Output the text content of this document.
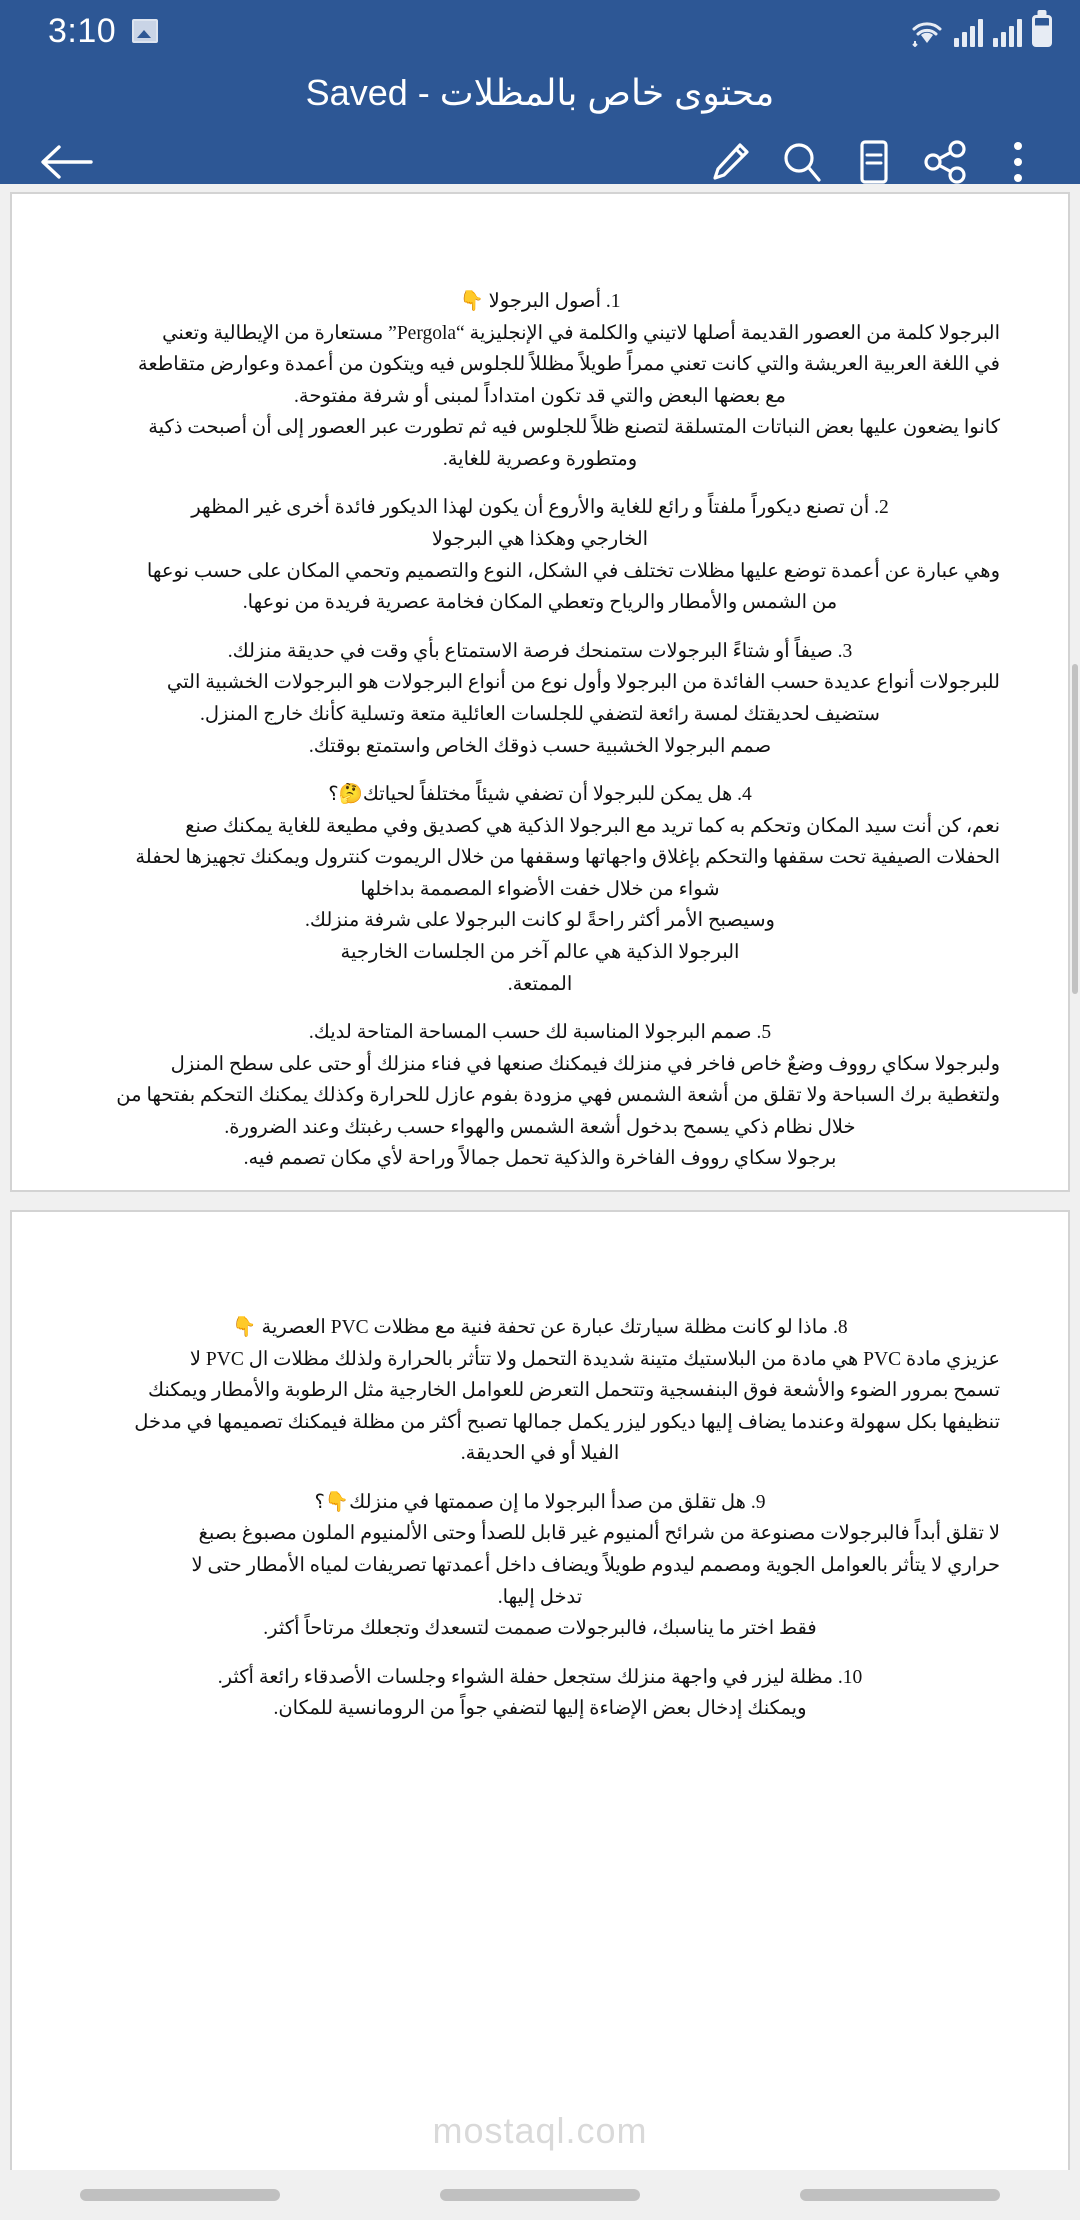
3:10
محتوى خاص بالمظلات - Saved

1. أصول البرجولا 👇

البرجولا كلمة من العصور القديمة أصلها لاتيني والكلمة في الإنجليزية “Pergola” مستعارة من الإيطالية وتعني

في اللغة العربية العريشة والتي كانت تعني ممراً طويلاً مظللاً للجلوس فيه ويتكون من أعمدة وعوارض متقاطعة

مع بعضها البعض والتي قد تكون امتداداً لمبنى أو شرفة مفتوحة.

كانوا يضعون عليها بعض النباتات المتسلقة لتصنع ظلاً للجلوس فيه ثم تطورت عبر العصور إلى أن أصبحت ذكية

ومتطورة وعصرية للغاية.

2. أن تصنع ديكوراً ملفتاً و رائع للغاية والأروع أن يكون لهذا الديكور فائدة أخرى غير المظهر

الخارجي وهكذا هي البرجولا

وهي عبارة عن أعمدة توضع عليها مظلات تختلف في الشكل، النوع والتصميم وتحمي المكان على حسب نوعها

من الشمس والأمطار والرياح وتعطي المكان فخامة عصرية فريدة من نوعها.

3. صيفاً أو شتاءً البرجولات ستمنحك فرصة الاستمتاع بأي وقت في حديقة منزلك.

للبرجولات أنواع عديدة حسب الفائدة من البرجولا وأول نوع من أنواع البرجولات هو البرجولات الخشبية التي

ستضيف لحديقتك لمسة رائعة لتضفي للجلسات العائلية متعة وتسلية كأنك خارج المنزل.

صمم البرجولا الخشبية حسب ذوقك الخاص واستمتع بوقتك.

4. هل يمكن للبرجولا أن تضفي شيئاً مختلفاً لحياتك🤔؟

نعم، كن أنت سيد المكان وتحكم به كما تريد مع البرجولا الذكية هي كصديق وفي مطيعة للغاية يمكنك صنع

الحفلات الصيفية تحت سقفها والتحكم بإغلاق واجهاتها وسقفها من خلال الريموت كنترول ويمكنك تجهيزها لحفلة

شواء من خلال خفت الأضواء المصممة بداخلها

وسيصبح الأمر أكثر راحةً لو كانت البرجولا على شرفة منزلك.

البرجولا الذكية هي عالم آخر من الجلسات الخارجية

الممتعة.

5. صمم البرجولا المناسبة لك حسب المساحة المتاحة لديك.

ولبرجولا سكاي رووف وضعٌ خاص فاخر في منزلك فيمكنك صنعها في فناء منزلك أو حتى على سطح المنزل

ولتغطية برك السباحة ولا تقلق من أشعة الشمس فهي مزودة بفوم عازل للحرارة وكذلك يمكنك التحكم بفتحها من

خلال نظام ذكي يسمح بدخول أشعة الشمس والهواء حسب رغبتك وعند الضرورة.

برجولا سكاي رووف الفاخرة والذكية تحمل جمالاً وراحة لأي مكان تصمم فيه.

8. ماذا لو كانت مظلة سيارتك عبارة عن تحفة فنية مع مظلات PVC العصرية 👇

عزيزي مادة PVC هي مادة من البلاستيك متينة شديدة التحمل ولا تتأثر بالحرارة ولذلك مظلات ال PVC لا

تسمح بمرور الضوء والأشعة فوق البنفسجية وتتحمل التعرض للعوامل الخارجية مثل الرطوبة والأمطار ويمكنك

تنظيفها بكل سهولة وعندما يضاف إليها ديكور ليزر يكمل جمالها تصبح أكثر من مظلة فيمكنك تصميمها في مدخل

الفيلا أو في الحديقة.

9. هل تقلق من صدأ البرجولا ما إن صممتها في منزلك👇؟

لا تقلق أبداً فالبرجولات مصنوعة من شرائح ألمنيوم غير قابل للصدأ وحتى الألمنيوم الملون مصبوغ بصبغ

حراري لا يتأثر بالعوامل الجوية ومصمم ليدوم طويلاً ويضاف داخل أعمدتها تصريفات لمياه الأمطار حتى لا

تدخل إليها.

فقط اختر ما يناسبك، فالبرجولات صممت لتسعدك وتجعلك مرتاحاً أكثر.

10. مظلة ليزر في واجهة منزلك ستجعل حفلة الشواء وجلسات الأصدقاء رائعة أكثر.

ويمكنك إدخال بعض الإضاءة إليها لتضفي جواً من الرومانسية للمكان.

mostaql.com
